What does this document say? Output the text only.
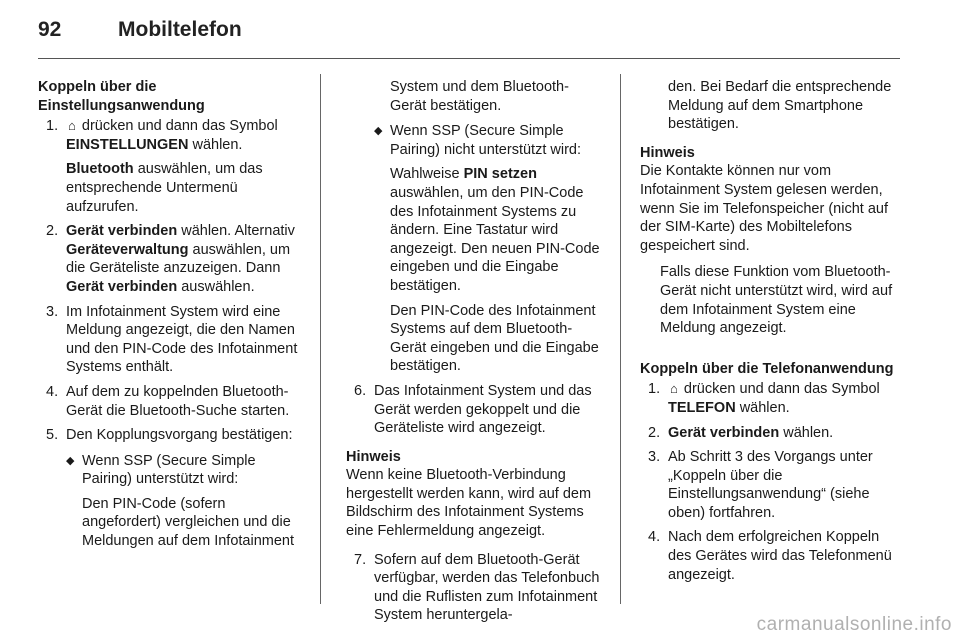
92	Mobiltelefon

Koppeln über die
Einstellungsanwendung

1. ⌂ drücken und dann das Symbol EINSTELLUNGEN wählen.

Bluetooth auswählen, um das entsprechende Untermenü aufzurufen.

2. Gerät verbinden wählen. Alternativ Geräteverwaltung auswählen, um die Geräteliste anzuzeigen. Dann Gerät verbinden auswählen.
3. Im Infotainment System wird eine Meldung angezeigt, die den Namen und den PIN-Code des Infotainment Systems enthält.
4. Auf dem zu koppelnden Bluetooth-Gerät die Bluetooth-Suche starten.
5. Den Kopplungsvorgang bestätigen:
◆ Wenn SSP (Secure Simple Pairing) unterstützt wird:

Den PIN-Code (sofern angefordert) vergleichen und die Meldungen auf dem Infotainment

System und dem Bluetooth-Gerät bestätigen.

◆ Wenn SSP (Secure Simple Pairing) nicht unterstützt wird:

Wahlweise PIN setzen auswählen, um den PIN-Code des Infotainment Systems zu ändern. Eine Tastatur wird angezeigt. Den neuen PIN-Code eingeben und die Eingabe bestätigen.

Den PIN-Code des Infotainment Systems auf dem Bluetooth-Gerät eingeben und die Eingabe bestätigen.

6. Das Infotainment System und das Gerät werden gekoppelt und die Geräteliste wird angezeigt.

Hinweis

Wenn keine Bluetooth-Verbindung hergestellt werden kann, wird auf dem Bildschirm des Infotainment Systems eine Fehlermeldung angezeigt.

7. Sofern auf dem Bluetooth-Gerät verfügbar, werden das Telefonbuch und die Ruflisten zum Infotainment System heruntergela-

den. Bei Bedarf die entsprechende Meldung auf dem Smartphone bestätigen.

Hinweis

Die Kontakte können nur vom Infotainment System gelesen werden, wenn Sie im Telefonspeicher (nicht auf der SIM-Karte) des Mobiltelefons gespeichert sind.

Falls diese Funktion vom Bluetooth-Gerät nicht unterstützt wird, wird auf dem Infotainment System eine Meldung angezeigt.

Koppeln über die Telefonanwendung

1. ⌂ drücken und dann das Symbol TELEFON wählen.
2. Gerät verbinden wählen.
3. Ab Schritt 3 des Vorgangs unter „Koppeln über die Einstellungsanwendung“ (siehe oben) fortfahren.
4. Nach dem erfolgreichen Koppeln des Gerätes wird das Telefonmenü angezeigt.
carmanualsonline.info
